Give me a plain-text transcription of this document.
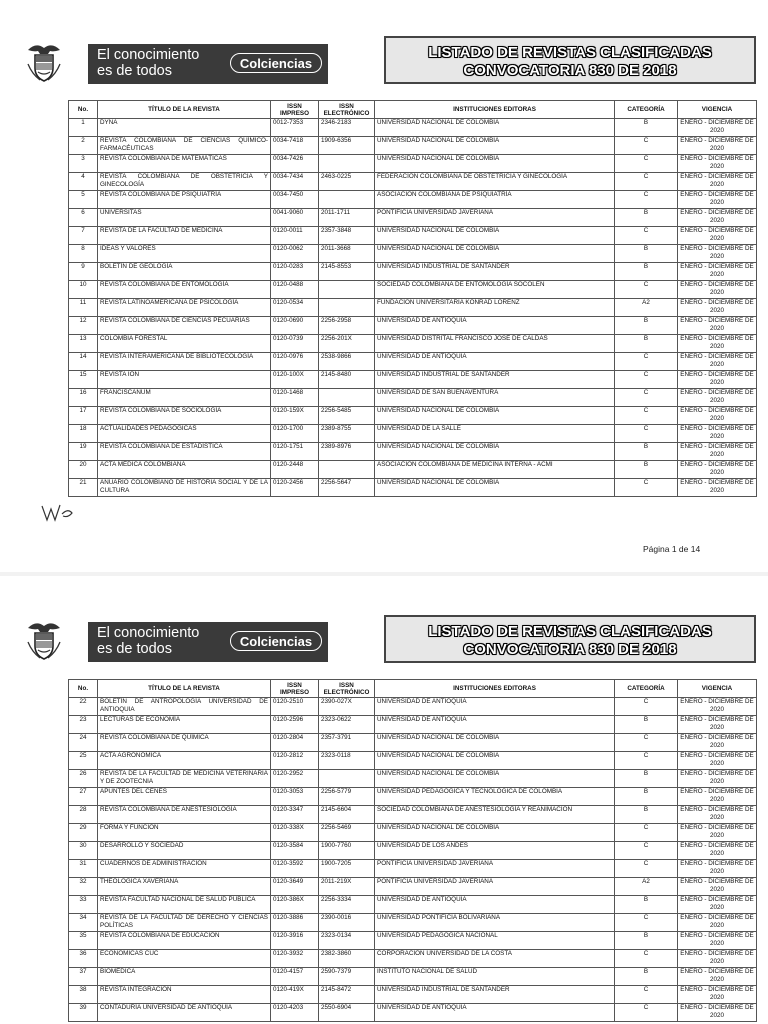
El conocimiento
es de todos	Colciencias
LISTADO DE REVISTAS CLASIFICADAS
CONVOCATORIA 830 DE 2018
No.	TÍTULO DE LA REVISTA	ISSN IMPRESO	ISSN ELECTRÓNICO	INSTITUCIONES EDITORAS	CATEGORÍA	VIGENCIA
1	DYNA	0012-7353	2346-2183	UNIVERSIDAD NACIONAL DE COLOMBIA	B	ENERO - DICIEMBRE DE 2020
2	REVISTA COLOMBIANA DE CIENCIAS QUÍMICO-FARMACÉUTICAS	0034-7418	1909-6356	UNIVERSIDAD NACIONAL DE COLOMBIA	C	ENERO - DICIEMBRE DE 2020
3	REVISTA COLOMBIANA DE MATEMÁTICAS	0034-7426		UNIVERSIDAD NACIONAL DE COLOMBIA	C	ENERO - DICIEMBRE DE 2020
4	REVISTA COLOMBIANA DE OBSTETRICIA Y GINECOLOGÍA	0034-7434	2463-0225	FEDERACIÓN COLOMBIANA DE OBSTETRICIA Y GINECOLOGÍA	C	ENERO - DICIEMBRE DE 2020
5	REVISTA COLOMBIANA DE PSIQUIATRÍA	0034-7450		ASOCIACIÓN COLOMBIANA DE PSIQUIATRÍA	C	ENERO - DICIEMBRE DE 2020
6	UNIVERSITAS	0041-9060	2011-1711	PONTIFICIA UNIVERSIDAD JAVERIANA	B	ENERO - DICIEMBRE DE 2020
7	REVISTA DE LA FACULTAD DE MEDICINA	0120-0011	2357-3848	UNIVERSIDAD NACIONAL DE COLOMBIA	C	ENERO - DICIEMBRE DE 2020
8	IDEAS Y VALORES	0120-0062	2011-3668	UNIVERSIDAD NACIONAL DE COLOMBIA	B	ENERO - DICIEMBRE DE 2020
9	BOLETÍN DE GEOLOGÍA	0120-0283	2145-8553	UNIVERSIDAD INDUSTRIAL DE SANTANDER	B	ENERO - DICIEMBRE DE 2020
10	REVISTA COLOMBIANA DE ENTOMOLOGÍA	0120-0488		SOCIEDAD COLOMBIANA DE ENTOMOLOGÍA SOCOLEN	C	ENERO - DICIEMBRE DE 2020
11	REVISTA LATINOAMERICANA DE PSICOLOGÍA	0120-0534		FUNDACIÓN UNIVERSITARIA KONRAD LORENZ	A2	ENERO - DICIEMBRE DE 2020
12	REVISTA COLOMBIANA DE CIENCIAS PECUARIAS	0120-0690	2256-2958	UNIVERSIDAD DE ANTIOQUIA	B	ENERO - DICIEMBRE DE 2020
13	COLOMBIA FORESTAL	0120-0739	2256-201X	UNIVERSIDAD DISTRITAL FRANCISCO JOSÉ DE CALDAS	B	ENERO - DICIEMBRE DE 2020
14	REVISTA INTERAMERICANA DE BIBLIOTECOLOGÍA	0120-0976	2538-9866	UNIVERSIDAD DE ANTIOQUIA	C	ENERO - DICIEMBRE DE 2020
15	REVISTA ION	0120-100X	2145-8480	UNIVERSIDAD INDUSTRIAL DE SANTANDER	C	ENERO - DICIEMBRE DE 2020
16	FRANCISCANUM	0120-1468		UNIVERSIDAD DE SAN BUENAVENTURA	C	ENERO - DICIEMBRE DE 2020
17	REVISTA COLOMBIANA DE SOCIOLOGÍA	0120-159X	2256-5485	UNIVERSIDAD NACIONAL DE COLOMBIA	C	ENERO - DICIEMBRE DE 2020
18	ACTUALIDADES PEDAGÓGICAS	0120-1700	2389-8755	UNIVERSIDAD DE LA SALLE	C	ENERO - DICIEMBRE DE 2020
19	REVISTA COLOMBIANA DE ESTADÍSTICA	0120-1751	2389-8976	UNIVERSIDAD NACIONAL DE COLOMBIA	B	ENERO - DICIEMBRE DE 2020
20	ACTA MÉDICA COLOMBIANA	0120-2448		ASOCIACIÓN COLOMBIANA DE MEDICINA INTERNA - ACMI	B	ENERO - DICIEMBRE DE 2020
21	ANUARIO COLOMBIANO DE HISTORIA SOCIAL Y DE LA CULTURA	0120-2456	2256-5647	UNIVERSIDAD NACIONAL DE COLOMBIA	C	ENERO - DICIEMBRE DE 2020
Página 1 de 14
El conocimiento
es de todos	Colciencias
LISTADO DE REVISTAS CLASIFICADAS
CONVOCATORIA 830 DE 2018
No.	TÍTULO DE LA REVISTA	ISSN IMPRESO	ISSN ELECTRÓNICO	INSTITUCIONES EDITORAS	CATEGORÍA	VIGENCIA
22	BOLETÍN DE ANTROPOLOGÍA UNIVERSIDAD DE ANTIOQUIA	0120-2510	2390-027X	UNIVERSIDAD DE ANTIOQUIA	C	ENERO - DICIEMBRE DE 2020
23	LECTURAS DE ECONOMÍA	0120-2596	2323-0622	UNIVERSIDAD DE ANTIOQUIA	B	ENERO - DICIEMBRE DE 2020
24	REVISTA COLOMBIANA DE QUÍMICA	0120-2804	2357-3791	UNIVERSIDAD NACIONAL DE COLOMBIA	C	ENERO - DICIEMBRE DE 2020
25	ACTA AGRONÓMICA	0120-2812	2323-0118	UNIVERSIDAD NACIONAL DE COLOMBIA	C	ENERO - DICIEMBRE DE 2020
26	REVISTA DE LA FACULTAD DE MEDICINA VETERINARIA Y DE ZOOTECNIA	0120-2952		UNIVERSIDAD NACIONAL DE COLOMBIA	B	ENERO - DICIEMBRE DE 2020
27	APUNTES DEL CENES	0120-3053	2256-5779	UNIVERSIDAD PEDAGÓGICA Y TECNOLÓGICA DE COLOMBIA	B	ENERO - DICIEMBRE DE 2020
28	REVISTA COLOMBIANA DE ANESTESIOLOGÍA	0120-3347	2145-6604	SOCIEDAD COLOMBIANA DE ANESTESIOLOGÍA Y REANIMACIÓN	B	ENERO - DICIEMBRE DE 2020
29	FORMA Y FUNCIÓN	0120-338X	2256-5469	UNIVERSIDAD NACIONAL DE COLOMBIA	C	ENERO - DICIEMBRE DE 2020
30	DESARROLLO Y SOCIEDAD	0120-3584	1900-7760	UNIVERSIDAD DE LOS ANDES	C	ENERO - DICIEMBRE DE 2020
31	CUADERNOS DE ADMINISTRACIÓN	0120-3592	1900-7205	PONTIFICIA UNIVERSIDAD JAVERIANA	C	ENERO - DICIEMBRE DE 2020
32	THEOLOGICA XAVERIANA	0120-3649	2011-219X	PONTIFICIA UNIVERSIDAD JAVERIANA	A2	ENERO - DICIEMBRE DE 2020
33	REVISTA FACULTAD NACIONAL DE SALUD PÚBLICA	0120-386X	2256-3334	UNIVERSIDAD DE ANTIOQUIA	B	ENERO - DICIEMBRE DE 2020
34	REVISTA DE LA FACULTAD DE DERECHO Y CIENCIAS POLÍTICAS	0120-3886	2390-0016	UNIVERSIDAD PONTIFICIA BOLIVARIANA	C	ENERO - DICIEMBRE DE 2020
35	REVISTA COLOMBIANA DE EDUCACIÓN	0120-3916	2323-0134	UNIVERSIDAD PEDAGÓGICA NACIONAL	B	ENERO - DICIEMBRE DE 2020
36	ECONÓMICAS CUC	0120-3932	2382-3860	CORPORACIÓN UNIVERSIDAD DE LA COSTA	C	ENERO - DICIEMBRE DE 2020
37	BIOMÉDICA	0120-4157	2590-7379	INSTITUTO NACIONAL DE SALUD	B	ENERO - DICIEMBRE DE 2020
38	REVISTA INTEGRACIÓN	0120-419X	2145-8472	UNIVERSIDAD INDUSTRIAL DE SANTANDER	C	ENERO - DICIEMBRE DE 2020
39	CONTADURÍA UNIVERSIDAD DE ANTIOQUIA	0120-4203	2550-6904	UNIVERSIDAD DE ANTIOQUIA	C	ENERO - DICIEMBRE DE 2020
